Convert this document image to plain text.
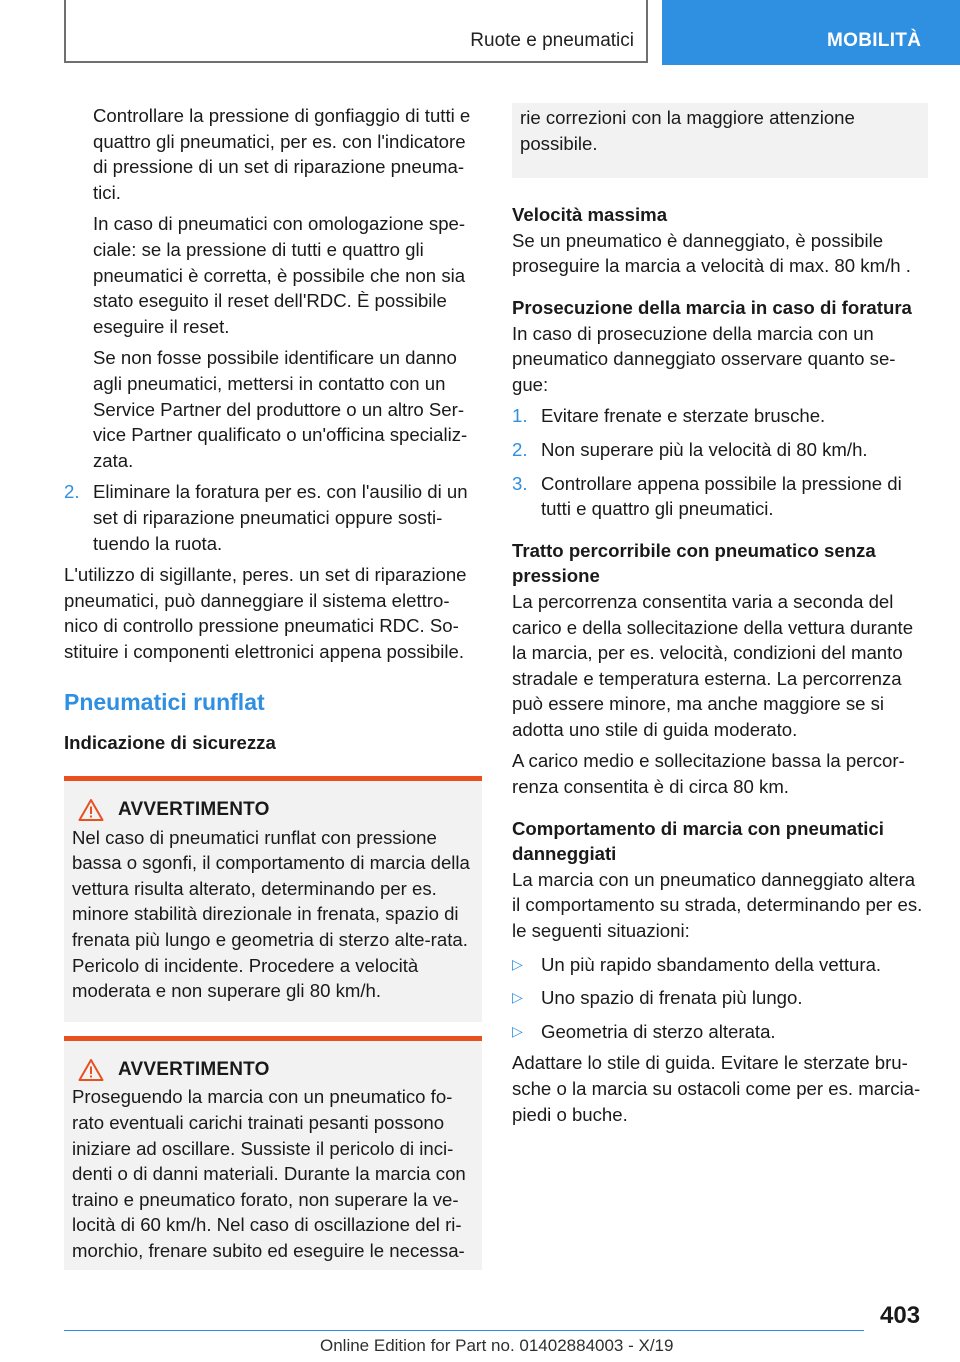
Ruote e pneumatici	MOBILITÀ

Controllare la pressione di gonfiaggio di tutti e quattro gli pneumatici, per es. con l'indicatore di pressione di un set di riparazione pneuma-tici.

In caso di pneumatici con omologazione spe-ciale: se la pressione di tutti e quattro gli pneumatici è corretta, è possibile che non sia stato eseguito il reset dell'RDC. È possibile eseguire il reset.

Se non fosse possibile identificare un danno agli pneumatici, mettersi in contatto con un Service Partner del produttore o un altro Ser-vice Partner qualificato o un'officina specializ-zata.

2. Eliminare la foratura per es. con l'ausilio di un set di riparazione pneumatici oppure sosti-tuendo la ruota.

L'utilizzo di sigillante, peres. un set di riparazione pneumatici, può danneggiare il sistema elettro-nico di controllo pressione pneumatici RDC. So-stituire i componenti elettronici appena possibile.

Pneumatici runflat

Indicazione di sicurezza

AVVERTIMENTO

Nel caso di pneumatici runflat con pressione bassa o sgonfi, il comportamento di marcia della vettura risulta alterato, determinando per es. minore stabilità direzionale in frenata, spazio di frenata più lungo e geometria di sterzo alte-rata. Pericolo di incidente. Procedere a velocità moderata e non superare gli 80 km/h.

AVVERTIMENTO

Proseguendo la marcia con un pneumatico fo-rato eventuali carichi trainati pesanti possono iniziare ad oscillare. Sussiste il pericolo di inci-denti o di danni materiali. Durante la marcia con traino e pneumatico forato, non superare la ve-locità di 60 km/h. Nel caso di oscillazione del ri-morchio, frenare subito ed eseguire le necessa-

rie correzioni con la maggiore attenzione possibile.

Velocità massima

Se un pneumatico è danneggiato, è possibile proseguire la marcia a velocità di max. 80 km/h .

Prosecuzione della marcia in caso di foratura

In caso di prosecuzione della marcia con un pneumatico danneggiato osservare quanto se-gue:

1. Evitare frenate e sterzate brusche.
2. Non superare più la velocità di 80 km/h.
3. Controllare appena possibile la pressione di tutti e quattro gli pneumatici.

Tratto percorribile con pneumatico senza pressione

La percorrenza consentita varia a seconda del carico e della sollecitazione della vettura durante la marcia, per es. velocità, condizioni del manto stradale e temperatura esterna. La percorrenza può essere minore, ma anche maggiore se si adotta uno stile di guida moderato.

A carico medio e sollecitazione bassa la percor-renza consentita è di circa 80 km.

Comportamento di marcia con pneumatici danneggiati

La marcia con un pneumatico danneggiato altera il comportamento su strada, determinando per es. le seguenti situazioni:

▷ Un più rapido sbandamento della vettura.
▷ Uno spazio di frenata più lungo.
▷ Geometria di sterzo alterata.

Adattare lo stile di guida. Evitare le sterzate bru-sche o la marcia su ostacoli come per es. marcia-piedi o buche.

403
Online Edition for Part no. 01402884003 - X/19
